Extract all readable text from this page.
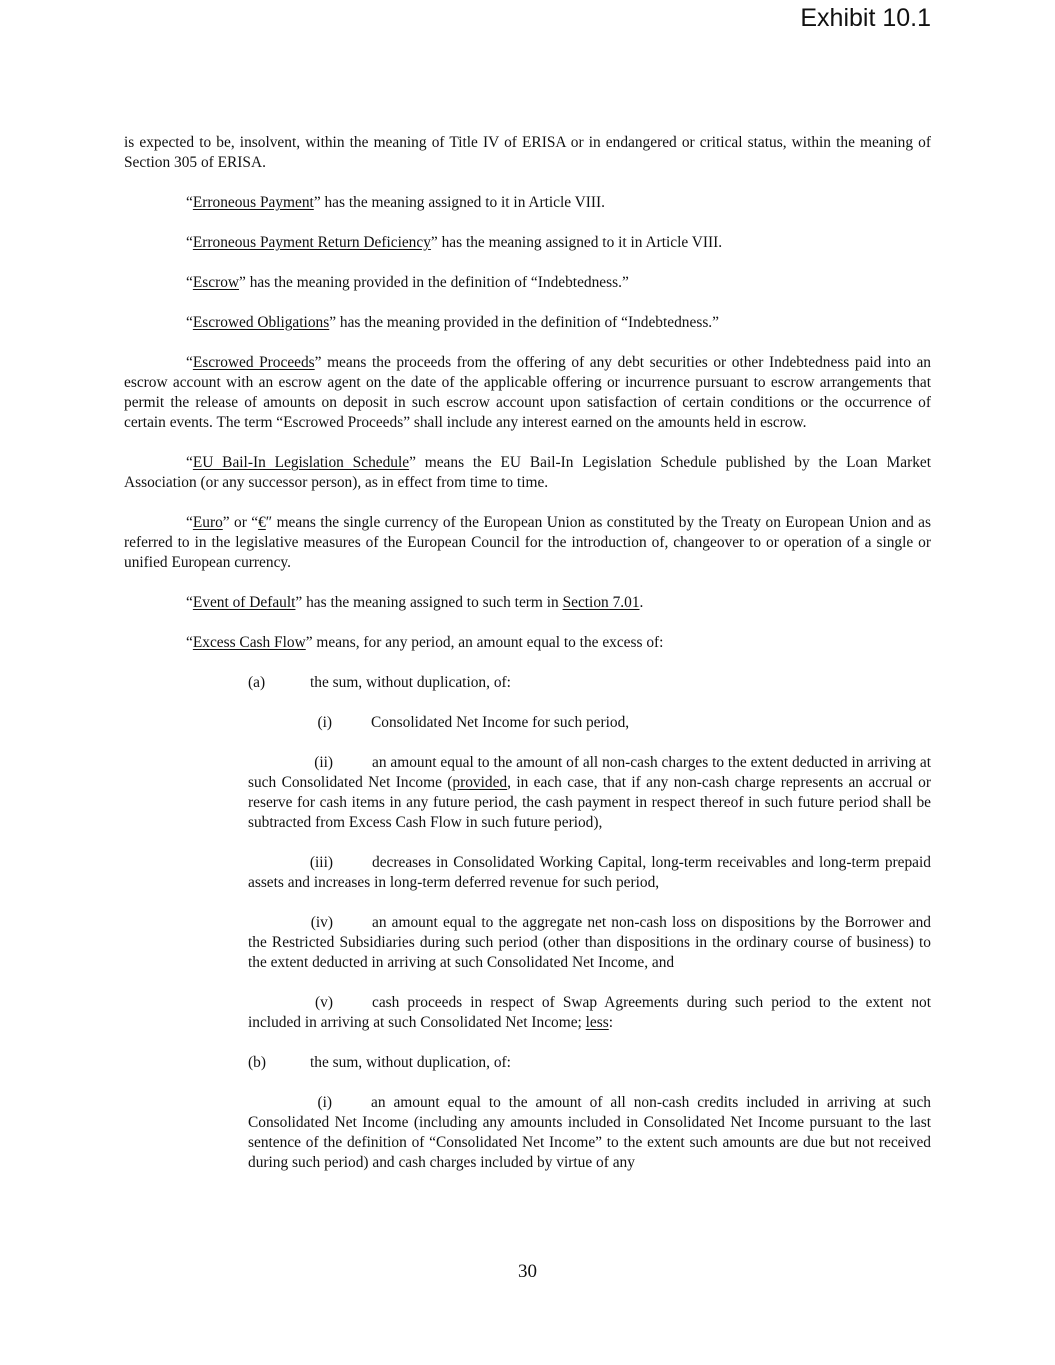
Exhibit 10.1

is expected to be, insolvent, within the meaning of Title IV of ERISA or in endangered or critical status, within the meaning of Section 305 of ERISA.

“Erroneous Payment” has the meaning assigned to it in Article VIII.

“Erroneous Payment Return Deficiency” has the meaning assigned to it in Article VIII.

“Escrow” has the meaning provided in the definition of “Indebtedness.”

“Escrowed Obligations” has the meaning provided in the definition of “Indebtedness.”

“Escrowed Proceeds” means the proceeds from the offering of any debt securities or other Indebtedness paid into an escrow account with an escrow agent on the date of the applicable offering or incurrence pursuant to escrow arrangements that permit the release of amounts on deposit in such escrow account upon satisfaction of certain conditions or the occurrence of certain events. The term “Escrowed Proceeds” shall include any interest earned on the amounts held in escrow.

“EU Bail-In Legislation Schedule” means the EU Bail-In Legislation Schedule published by the Loan Market Association (or any successor person), as in effect from time to time.

“Euro” or “€″ means the single currency of the European Union as constituted by the Treaty on European Union and as referred to in the legislative measures of the European Council for the introduction of, changeover to or operation of a single or unified European currency.

“Event of Default” has the meaning assigned to such term in Section 7.01.

“Excess Cash Flow” means, for any period, an amount equal to the excess of:

(a)	the sum, without duplication, of:

(i)	Consolidated Net Income for such period,

(ii)	an amount equal to the amount of all non-cash charges to the extent deducted in arriving at such Consolidated Net Income (provided, in each case, that if any non-cash charge represents an accrual or reserve for cash items in any future period, the cash payment in respect thereof in such future period shall be subtracted from Excess Cash Flow in such future period),

(iii)	decreases in Consolidated Working Capital, long-term receivables and long-term prepaid assets and increases in long-term deferred revenue for such period,

(iv)	an amount equal to the aggregate net non-cash loss on dispositions by the Borrower and the Restricted Subsidiaries during such period (other than dispositions in the ordinary course of business) to the extent deducted in arriving at such Consolidated Net Income, and

(v)	cash proceeds in respect of Swap Agreements during such period to the extent not included in arriving at such Consolidated Net Income; less:

(b)	the sum, without duplication, of:

(i)	an amount equal to the amount of all non-cash credits included in arriving at such Consolidated Net Income (including any amounts included in Consolidated Net Income pursuant to the last sentence of the definition of “Consolidated Net Income” to the extent such amounts are due but not received during such period) and cash charges included by virtue of any

30
